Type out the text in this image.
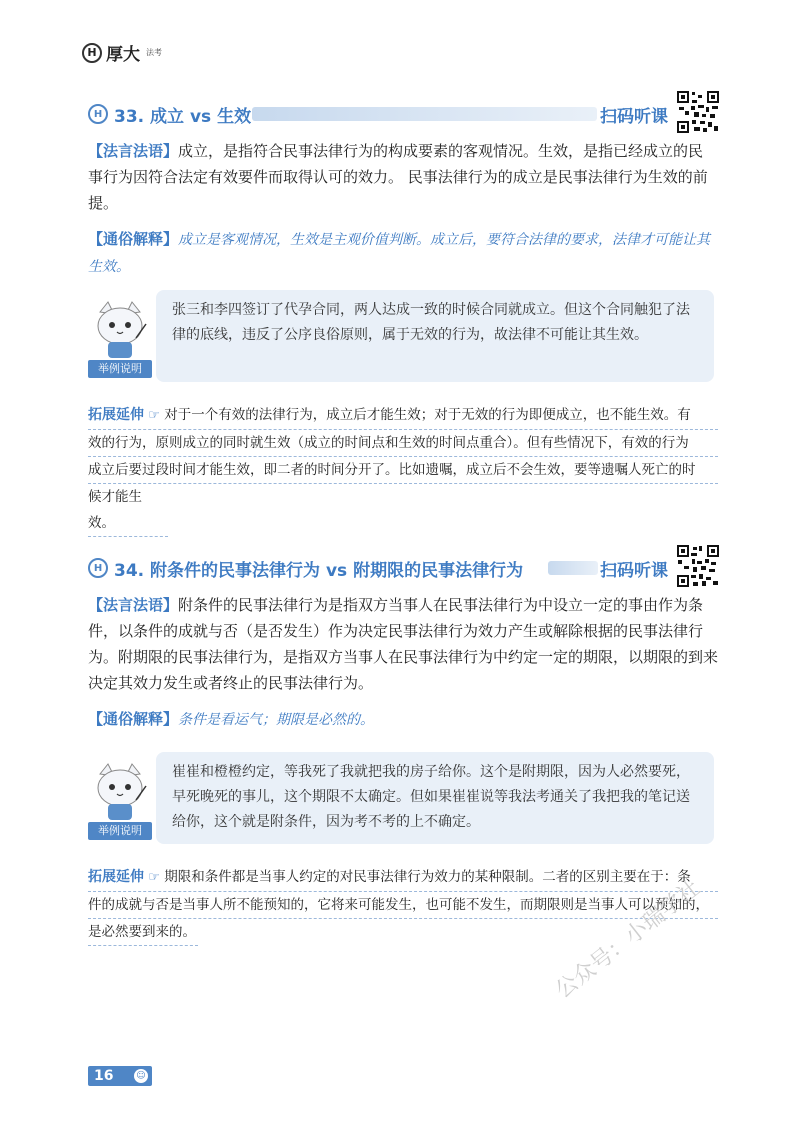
H 厚大 法考
H 33. 成立 vs 生效	扫码听课
【法言法语】成立，是指符合民事法律行为的构成要素的客观情况。生效，是指已经成立的民事行为因符合法定有效要件而取得认可的效力。 民事法律行为的成立是民事法律行为生效的前提。
【通俗解释】成立是客观情况，生效是主观价值判断。成立后，要符合法律的要求，法律才可能让其生效。
举例说明
张三和李四签订了代孕合同，两人达成一致的时候合同就成立。但这个合同触犯了法律的底线，违反了公序良俗原则，属于无效的行为，故法律不可能让其生效。
拓展延伸 ☞ 对于一个有效的法律行为，成立后才能生效；对于无效的行为即便成立，也不能生效。有
效的行为，原则成立的同时就生效（成立的时间点和生效的时间点重合）。但有些情况下，有效的行为
成立后要过段时间才能生效，即二者的时间分开了。比如遗嘱，成立后不会生效，要等遗嘱人死亡的时
候才能生效。
H 34. 附条件的民事法律行为 vs 附期限的民事法律行为	扫码听课
【法言法语】附条件的民事法律行为是指双方当事人在民事法律行为中设立一定的事由作为条件，以条件的成就与否（是否发生）作为决定民事法律行为效力产生或解除根据的民事法律行为。附期限的民事法律行为，是指双方当事人在民事法律行为中约定一定的期限，以期限的到来决定其效力发生或者终止的民事法律行为。
【通俗解释】条件是看运气；期限是必然的。
举例说明
崔崔和橙橙约定，等我死了我就把我的房子给你。这个是附期限，因为人必然要死，早死晚死的事儿，这个期限不太确定。但如果崔崔说等我法考通关了我把我的笔记送给你，这个就是附条件，因为考不考的上不确定。
拓展延伸 ☞ 期限和条件都是当事人约定的对民事法律行为效力的某种限制。二者的区别主要在于：条
件的成就与否是当事人所不能预知的，它将来可能发生，也可能不发生，而期限则是当事人可以预知的，
是必然要到来的。	公众号：小瑞学社
16	☺
